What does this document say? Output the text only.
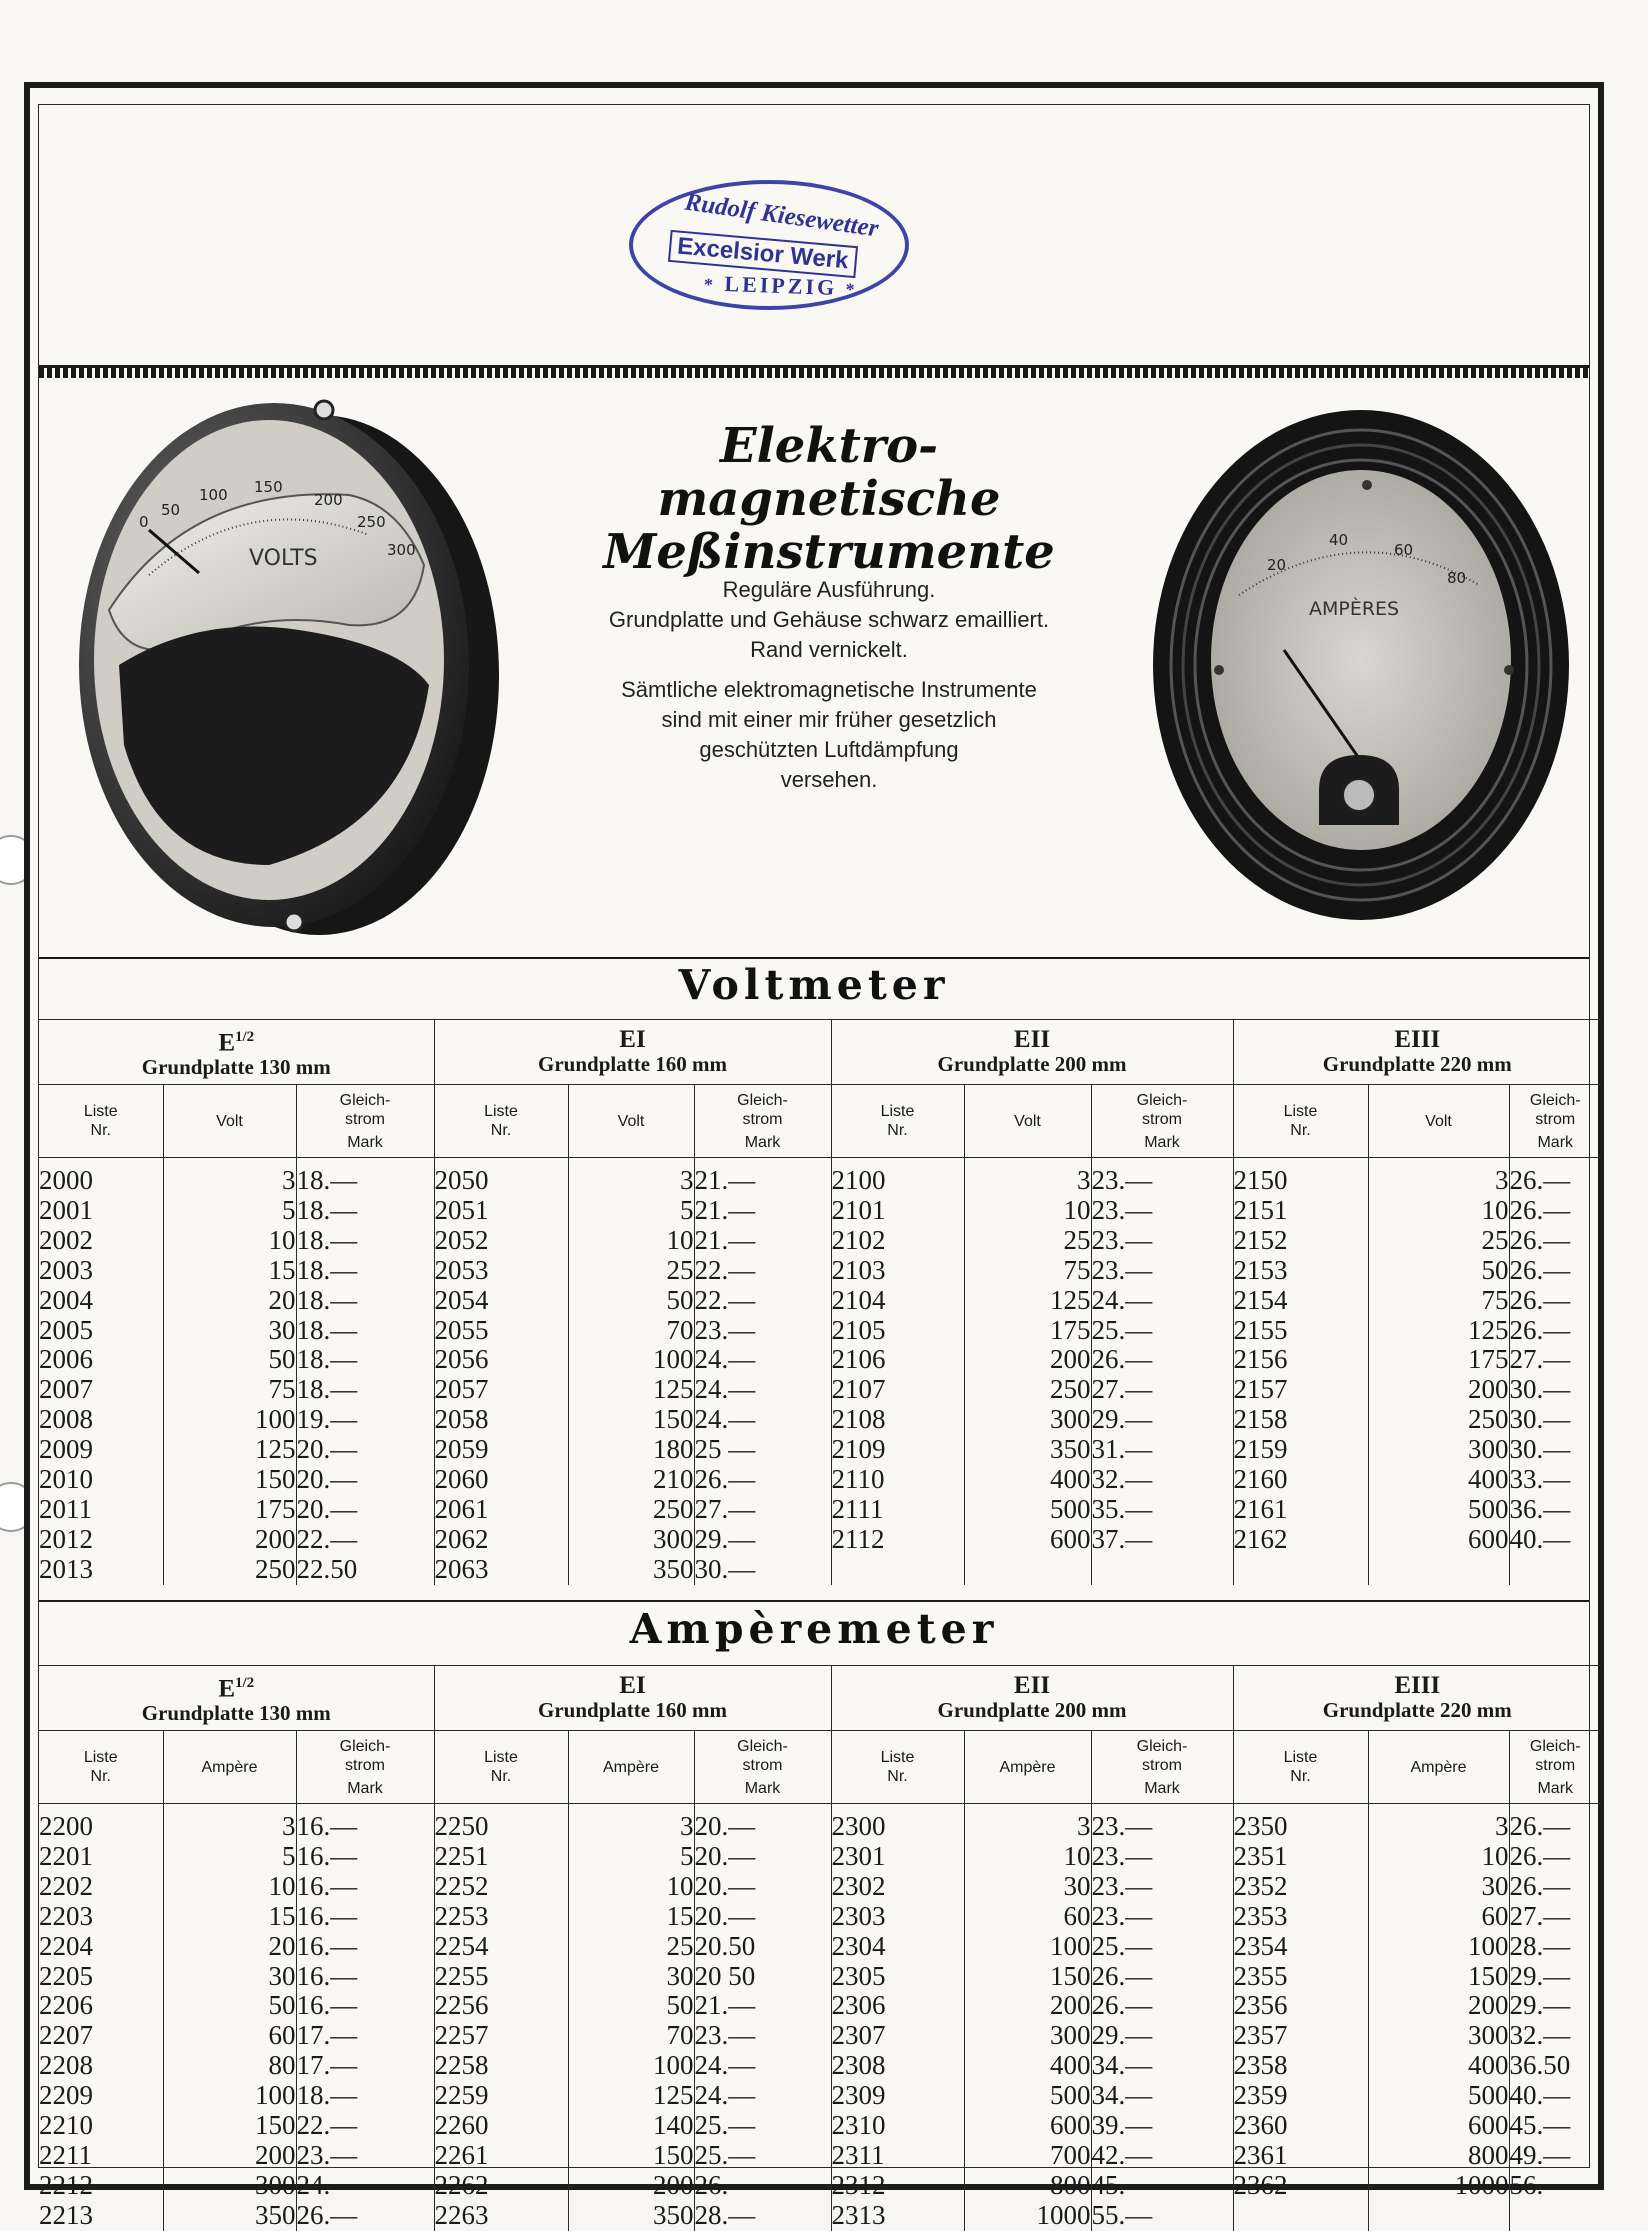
Rudolf Kiesewetter
Excelsior Werk
* LEIPZIG *
0
50
100 150
200
250
300
VOLTS	20
40
60
80
AMPÈRES
Elektro-
magnetische
Meßinstrumente

Reguläre Ausführung.
Grundplatte und Gehäuse schwarz emailliert.
Rand vernickelt.

Sämtliche elektromagnetische Instrumente
sind mit einer mir früher gesetzlich
geschützten Luftdämpfung
versehen.

Voltmeter
$E^{1/2}$
Grundplatte 130 mm			EI
Grundplatte 160 mm			EII
Grundplatte 200 mm			EIII
Grundplatte 220 mm		
Liste
Nr.	Volt	Gleich-
strom
Mark	Liste
Nr.	Volt	Gleich-
strom
Mark	Liste
Nr.	Volt	Gleich-
strom
Mark	Liste
Nr.	Volt	Gleich-
strom
Mark

2000	3	18.—	2050	3	21.—	2100	3	23.—	2150	3	26.—
2001	5	18.—	2051	5	21.—	2101	10	23.—	2151	10	26.—
2002	10	18.—	2052	10	21.—	2102	25	23.—	2152	25	26.—
2003	15	18.—	2053	25	22.—	2103	75	23.—	2153	50	26.—
2004	20	18.—	2054	50	22.—	2104	125	24.—	2154	75	26.—
2005	30	18.—	2055	70	23.—	2105	175	25.—	2155	125	26.—
2006	50	18.—	2056	100	24.—	2106	200	26.—	2156	175	27.—
2007	75	18.—	2057	125	24.—	2107	250	27.—	2157	200	30.—
2008	100	19.—	2058	150	24.—	2108	300	29.—	2158	250	30.—
2009	125	20.—	2059	180	25 —	2109	350	31.—	2159	300	30.—
2010	150	20.—	2060	210	26.—	2110	400	32.—	2160	400	33.—
2011	175	20.—	2061	250	27.—	2111	500	35.—	2161	500	36.—
2012	200	22.—	2062	300	29.—	2112	600	37.—	2162	600	40.—
2013	250	22.50	2063	350	30.—						
Ampèremeter
$E^{1/2}$
Grundplatte 130 mm			EI
Grundplatte 160 mm			EII
Grundplatte 200 mm			EIII
Grundplatte 220 mm		
Liste
Nr.	Ampère	Gleich-
strom
Mark	Liste
Nr.	Ampère	Gleich-
strom
Mark	Liste
Nr.	Ampère	Gleich-
strom
Mark	Liste
Nr.	Ampère	Gleich-
strom
Mark

2200	3	16.—	2250	3	20.—	2300	3	23.—	2350	3	26.—
2201	5	16.—	2251	5	20.—	2301	10	23.—	2351	10	26.—
2202	10	16.—	2252	10	20.—	2302	30	23.—	2352	30	26.—
2203	15	16.—	2253	15	20.—	2303	60	23.—	2353	60	27.—
2204	20	16.—	2254	25	20.50	2304	100	25.—	2354	100	28.—
2205	30	16.—	2255	30	20 50	2305	150	26.—	2355	150	29.—
2206	50	16.—	2256	50	21.—	2306	200	26.—	2356	200	29.—
2207	60	17.—	2257	70	23.—	2307	300	29.—	2357	300	32.—
2208	80	17.—	2258	100	24.—	2308	400	34.—	2358	400	36.50
2209	100	18.—	2259	125	24.—	2309	500	34.—	2359	500	40.—
2210	150	22.—	2260	140	25.—	2310	600	39.—	2360	600	45.—
2211	200	23.—	2261	150	25.—	2311	700	42.—	2361	800	49.—
2212	300	24.—	2262	200	26.—	2312	800	45.—	2362	1000	56.—
2213	350	26.—	2263	350	28.—	2313	1000	55.—			
